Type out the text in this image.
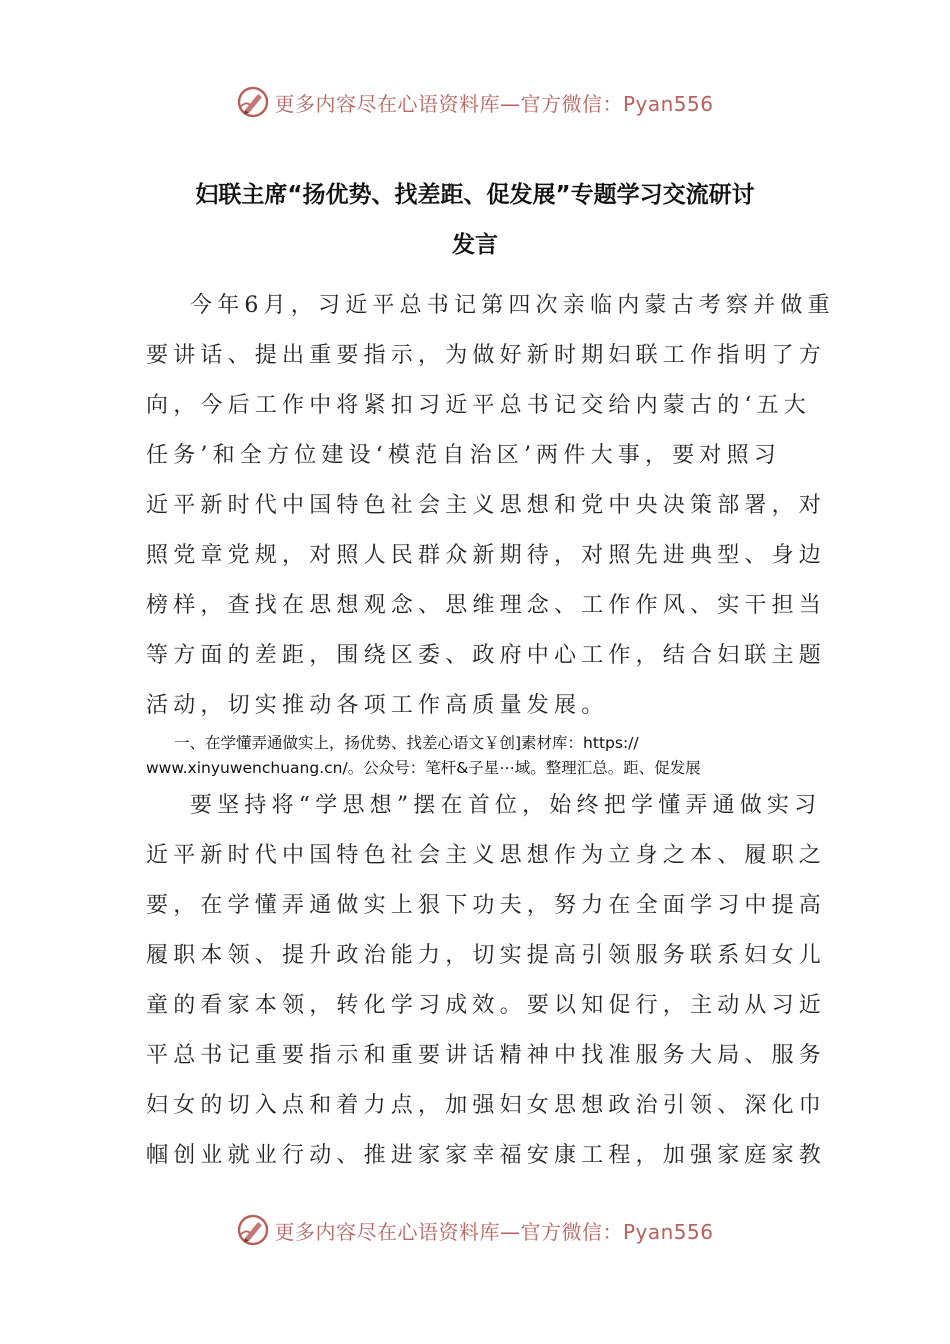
更多内容尽在心语资料库—官方微信：Pyan556
妇联主席“扬优势、找差距、促发展”专题学习交流研讨
发言
今年6月，习近平总书记第四次亲临内蒙古考察并做重
要讲话、提出重要指示，为做好新时期妇联工作指明了方
向，今后工作中将紧扣习近平总书记交给内蒙古的‘五大
任务’和全方位建设‘模范自治区’两件大事，要对照习
近平新时代中国特色社会主义思想和党中央决策部署，对
照党章党规，对照人民群众新期待，对照先进典型、身边
榜样，查找在思想观念、思维理念、工作作风、实干担当
等方面的差距，围绕区委、政府中心工作，结合妇联主题
活动，切实推动各项工作高质量发展。

一、在学懂弄通做实上，扬优势、找差心语文￥创]素材库：https://

www.xinyuwenchuang.cn/。公众号：笔杆&子星⋯域。整理汇总。距、促发展

要坚持将“学思想”摆在首位，始终把学懂弄通做实习
近平新时代中国特色社会主义思想作为立身之本、履职之
要，在学懂弄通做实上狠下功夫，努力在全面学习中提高
履职本领、提升政治能力，切实提高引领服务联系妇女儿
童的看家本领，转化学习成效。要以知促行，主动从习近
平总书记重要指示和重要讲话精神中找准服务大局、服务
妇女的切入点和着力点，加强妇女思想政治引领、深化巾
帼创业就业行动、推进家家幸福安康工程，加强家庭家教
更多内容尽在心语资料库—官方微信：Pyan556
